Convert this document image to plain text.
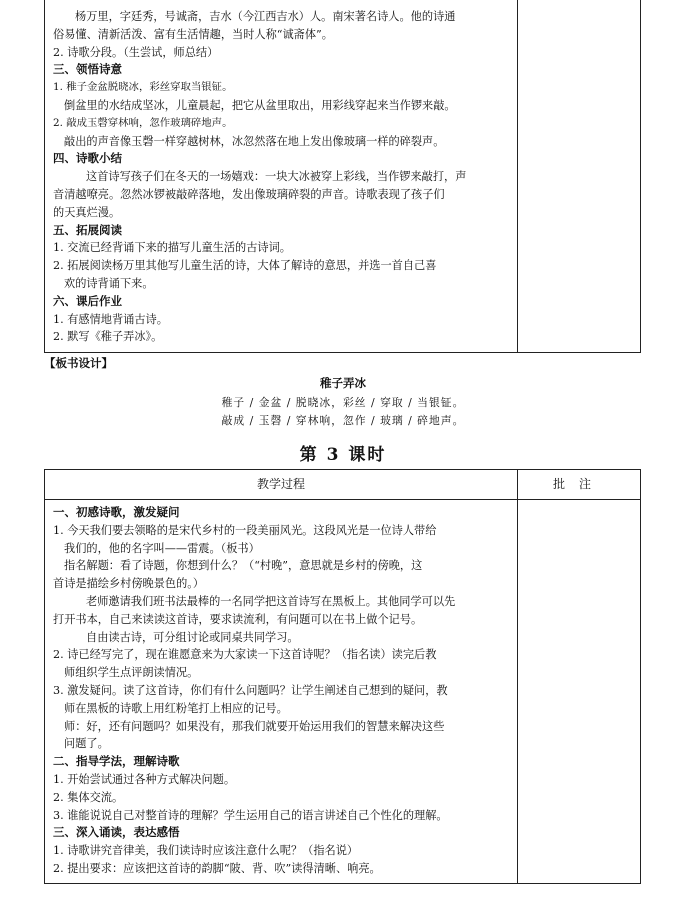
杨万里，字廷秀，号诚斋，吉水（今江西吉水）人。南宋著名诗人。他的诗通
俗易懂、清新活泼、富有生活情趣，当时人称“诚斋体”。
2. 诗歌分段。（生尝试，师总结）
三、领悟诗意
1. 稚子金盆脱晓冰，彩丝穿取当银钲。
倒盆里的水结成坚冰，儿童晨起，把它从盆里取出，用彩线穿起来当作锣来敲。
2. 敲成玉磬穿林响，忽作玻璃碎地声。
敲出的声音像玉磬一样穿越树林，冰忽然落在地上发出像玻璃一样的碎裂声。
四、诗歌小结
这首诗写孩子们在冬天的一场嬉戏：一块大冰被穿上彩线，当作锣来敲打，声
音清越嘹亮。忽然冰锣被敲碎落地，发出像玻璃碎裂的声音。诗歌表现了孩子们
的天真烂漫。
五、拓展阅读
1. 交流已经背诵下来的描写儿童生活的古诗词。
2. 拓展阅读杨万里其他写儿童生活的诗，大体了解诗的意思，并选一首自己喜
欢的诗背诵下来。
六、课后作业
1. 有感情地背诵古诗。
2. 默写《稚子弄冰》。
【板书设计】
稚子弄冰
稚子 / 金盆 / 脱晓冰，彩丝 / 穿取 / 当银钲。
敲成 / 玉磬 / 穿林响，忽作 / 玻璃 / 碎地声。
第 3 课时
教学过程	批注
一、初感诗歌，激发疑问
1. 今天我们要去领略的是宋代乡村的一段美丽风光。这段风光是一位诗人带给
我们的，他的名字叫——雷震。（板书）
指名解题：看了诗题，你想到什么？（“村晚”，意思就是乡村的傍晚，这
首诗是描绘乡村傍晚景色的。）
老师邀请我们班书法最棒的一名同学把这首诗写在黑板上。其他同学可以先
打开书本，自己来读读这首诗，要求读流利，有问题可以在书上做个记号。
自由读古诗，可分组讨论或同桌共同学习。
2. 诗已经写完了，现在谁愿意来为大家读一下这首诗呢？（指名读）读完后教
师组织学生点评朗读情况。
3. 激发疑问。读了这首诗，你们有什么问题吗？让学生阐述自己想到的疑问，教
师在黑板的诗歌上用红粉笔打上相应的记号。
师：好，还有问题吗？如果没有，那我们就要开始运用我们的智慧来解决这些
问题了。
二、指导学法，理解诗歌
1. 开始尝试通过各种方式解决问题。
2. 集体交流。
3. 谁能说说自己对整首诗的理解？学生运用自己的语言讲述自己个性化的理解。
三、深入诵读，表达感悟
1. 诗歌讲究音律美，我们读诗时应该注意什么呢？（指名说）
2. 提出要求：应该把这首诗的韵脚“陂、背、吹”读得清晰、响亮。
